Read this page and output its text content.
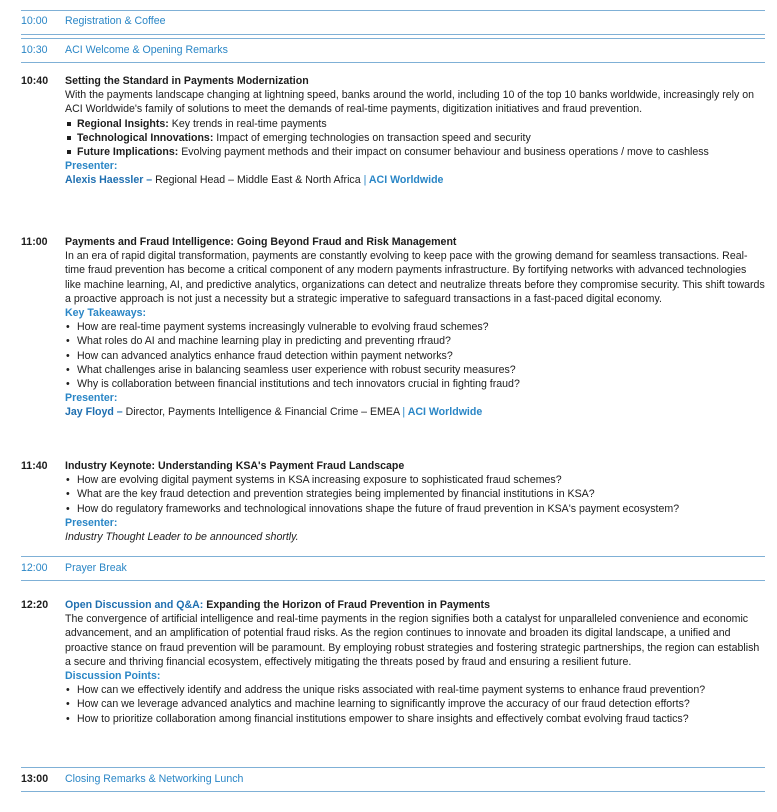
10:00 Registration & Coffee
10:30 ACI Welcome & Opening Remarks
10:40	Setting the Standard in Payments Modernization

With the payments landscape changing at lightning speed, banks around the world, including 10 of the top 10 banks worldwide, increasingly rely on ACI Worldwide's family of solutions to meet the demands of real-time payments, digitization initiatives and fraud prevention.

Regional Insights: Key trends in real-time payments
Technological Innovations: Impact of emerging technologies on transaction speed and security
Future Implications: Evolving payment methods and their impact on consumer behaviour and business operations / move to cashless
Presenter:
Alexis Haessler – Regional Head – Middle East & North Africa | ACI Worldwide
11:00	Payments and Fraud Intelligence: Going Beyond Fraud and Risk Management

In an era of rapid digital transformation, payments are constantly evolving to keep pace with the growing demand for seamless transactions. Real-time fraud prevention has become a critical component of any modern payments infrastructure. By fortifying networks with advanced technologies like machine learning, AI, and predictive analytics, organizations can detect and neutralize threats before they compromise security. This shift towards a proactive approach is not just a necessity but a strategic imperative to safeguard transactions in a fast-paced digital economy.

Key Takeaways:
• How are real-time payment systems increasingly vulnerable to evolving fraud schemes?
• What roles do AI and machine learning play in predicting and preventing rfraud?
• How can advanced analytics enhance fraud detection within payment networks?
• What challenges arise in balancing seamless user experience with robust security measures?
• Why is collaboration between financial institutions and tech innovators crucial in fighting fraud?
Presenter:
Jay Floyd – Director, Payments Intelligence & Financial Crime – EMEA | ACI Worldwide
11:40	Industry Keynote: Understanding KSA's Payment Fraud Landscape
• How are evolving digital payment systems in KSA increasing exposure to sophisticated fraud schemes?
• What are the key fraud detection and prevention strategies being implemented by financial institutions in KSA?
• How do regulatory frameworks and technological innovations shape the future of fraud prevention in KSA's payment ecosystem?
Presenter:
Industry Thought Leader to be announced shortly.
12:00 Prayer Break
12:20	Open Discussion and Q&A: Expanding the Horizon of Fraud Prevention in Payments

The convergence of artificial intelligence and real-time payments in the region signifies both a catalyst for unparalleled convenience and economic advancement, and an amplification of potential fraud risks. As the region continues to innovate and broaden its digital landscape, a unified and proactive stance on fraud prevention will be paramount. By employing robust strategies and fostering strategic partnerships, the region can establish a secure and thriving financial ecosystem, effectively mitigating the threats posed by fraud and ensuring a resilient future.

Discussion Points:
• How can we effectively identify and address the unique risks associated with real-time payment systems to enhance fraud prevention?
• How can we leverage advanced analytics and machine learning to significantly improve the accuracy of our fraud detection efforts?
• How to prioritize collaboration among financial institutions empower to share insights and effectively combat evolving fraud tactics?
13:00 Closing Remarks & Networking Lunch
